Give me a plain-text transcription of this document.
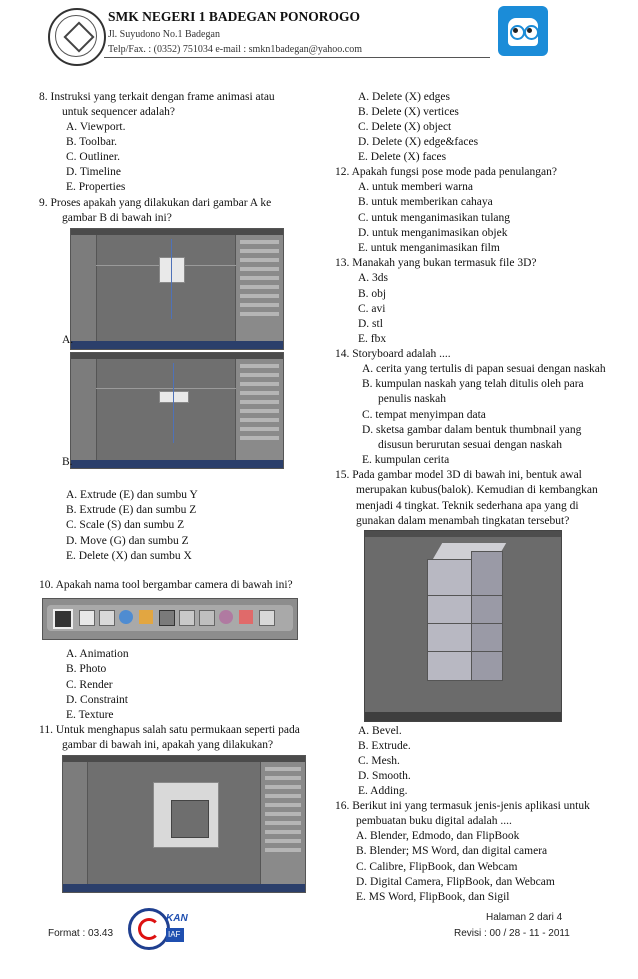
SMK NEGERI 1 BADEGAN PONOROGO
Jl. Suyudono No.1 Badegan
Telp/Fax. : (0352) 751034 e-mail : smkn1badegan@yahoo.com
8. Instruksi yang terkait dengan frame animasi atau
untuk sequencer adalah?
A. Viewport.
B. Toolbar.
C. Outliner.
D. Timeline
E. Properties
9. Proses apakah yang dilakukan dari gambar A ke
gambar B di bawah ini?
A.
B.
A. Extrude (E) dan sumbu Y
B. Extrude (E) dan sumbu Z
C. Scale (S) dan sumbu Z
D. Move (G) dan sumbu Z
E. Delete (X) dan sumbu X
10. Apakah nama tool bergambar camera di bawah ini?
A. Animation
B. Photo
C. Render
D. Constraint
E. Texture
11. Untuk menghapus salah satu permukaan seperti pada
gambar di bawah ini, apakah yang dilakukan?
A. Delete (X) edges
B. Delete (X) vertices
C. Delete (X) object
D. Delete (X) edge&faces
E. Delete (X) faces
12. Apakah fungsi pose mode pada penulangan?
A. untuk memberi warna
B. untuk memberikan cahaya
C. untuk menganimasikan tulang
D. untuk menganimasikan objek
E. untuk menganimasikan film
13. Manakah yang bukan termasuk file 3D?
A. 3ds
B. obj
C. avi
D. stl
E. fbx
14. Storyboard adalah ....
A. cerita yang tertulis di papan sesuai dengan naskah
B. kumpulan naskah yang telah ditulis oleh para
penulis naskah
C. tempat menyimpan data
D. sketsa gambar dalam bentuk thumbnail yang
disusun berurutan sesuai dengan naskah
E. kumpulan cerita
15. Pada gambar model 3D di bawah ini, bentuk awal
merupakan kubus(balok). Kemudian di kembangkan
menjadi 4 tingkat. Teknik sederhana apa yang di
gunakan dalam menambah tingkatan tersebut?
A. Bevel.
B. Extrude.
C. Mesh.
D. Smooth.
E. Adding.
16. Berikut ini yang termasuk jenis-jenis aplikasi untuk
pembuatan buku digital adalah ....
A. Blender, Edmodo, dan FlipBook
B. Blender; MS Word, dan digital camera
C. Calibre, FlipBook, dan Webcam
D. Digital Camera, FlipBook, dan Webcam
E. MS Word, FlipBook, dan Sigil
Format : 03.43
KAN
IAF
Halaman 2 dari 4
Revisi : 00 / 28 - 11 - 2011
